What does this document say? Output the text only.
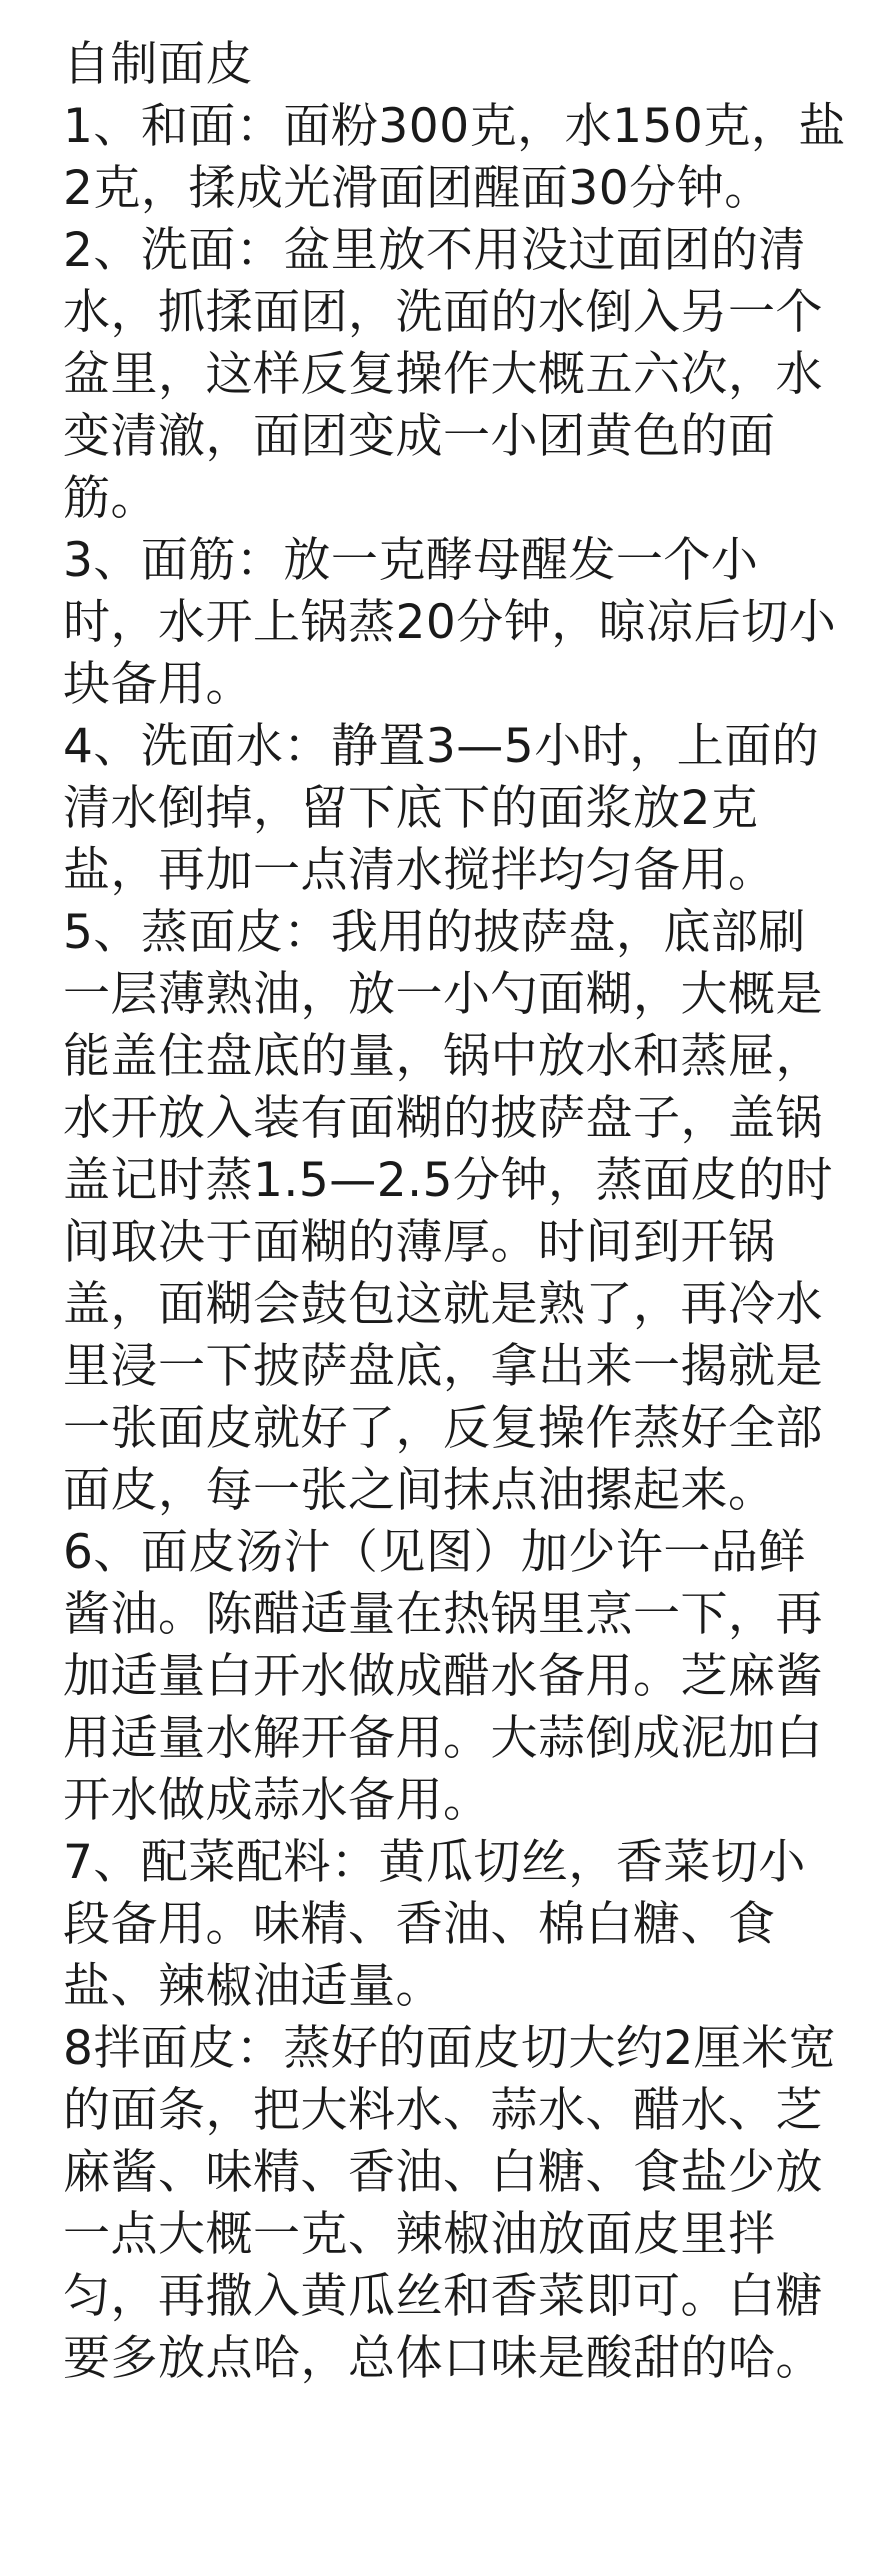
自制面皮
1、和面：面粉300克，水150克，盐
2克，揉成光滑面团醒面30分钟。
2、洗面：盆里放不用没过面团的清
水，抓揉面团，洗面的水倒入另一个
盆里，这样反复操作大概五六次，水
变清澈，面团变成一小团黄色的面
筋。
3、面筋：放一克酵母醒发一个小
时，水开上锅蒸20分钟，晾凉后切小
块备用。
4、洗面水：静置3—5小时，上面的
清水倒掉，留下底下的面浆放2克
盐，再加一点清水搅拌均匀备用。
5、蒸面皮：我用的披萨盘，底部刷
一层薄熟油，放一小勺面糊，大概是
能盖住盘底的量，锅中放水和蒸屉，
水开放入装有面糊的披萨盘子，盖锅
盖记时蒸1.5—2.5分钟，蒸面皮的时
间取决于面糊的薄厚。时间到开锅
盖，面糊会鼓包这就是熟了，再冷水
里浸一下披萨盘底，拿出来一揭就是
一张面皮就好了，反复操作蒸好全部
面皮，每一张之间抹点油摞起来。
6、面皮汤汁（见图）加少许一品鲜
酱油。陈醋适量在热锅里烹一下，再
加适量白开水做成醋水备用。芝麻酱
用适量水解开备用。大蒜倒成泥加白
开水做成蒜水备用。
7、配菜配料：黄瓜切丝，香菜切小
段备用。味精、香油、棉白糖、食
盐、辣椒油适量。
8拌面皮：蒸好的面皮切大约2厘米宽
的面条，把大料水、蒜水、醋水、芝
麻酱、味精、香油、白糖、食盐少放
一点大概一克、辣椒油放面皮里拌
匀，再撒入黄瓜丝和香菜即可。白糖
要多放点哈，总体口味是酸甜的哈。
